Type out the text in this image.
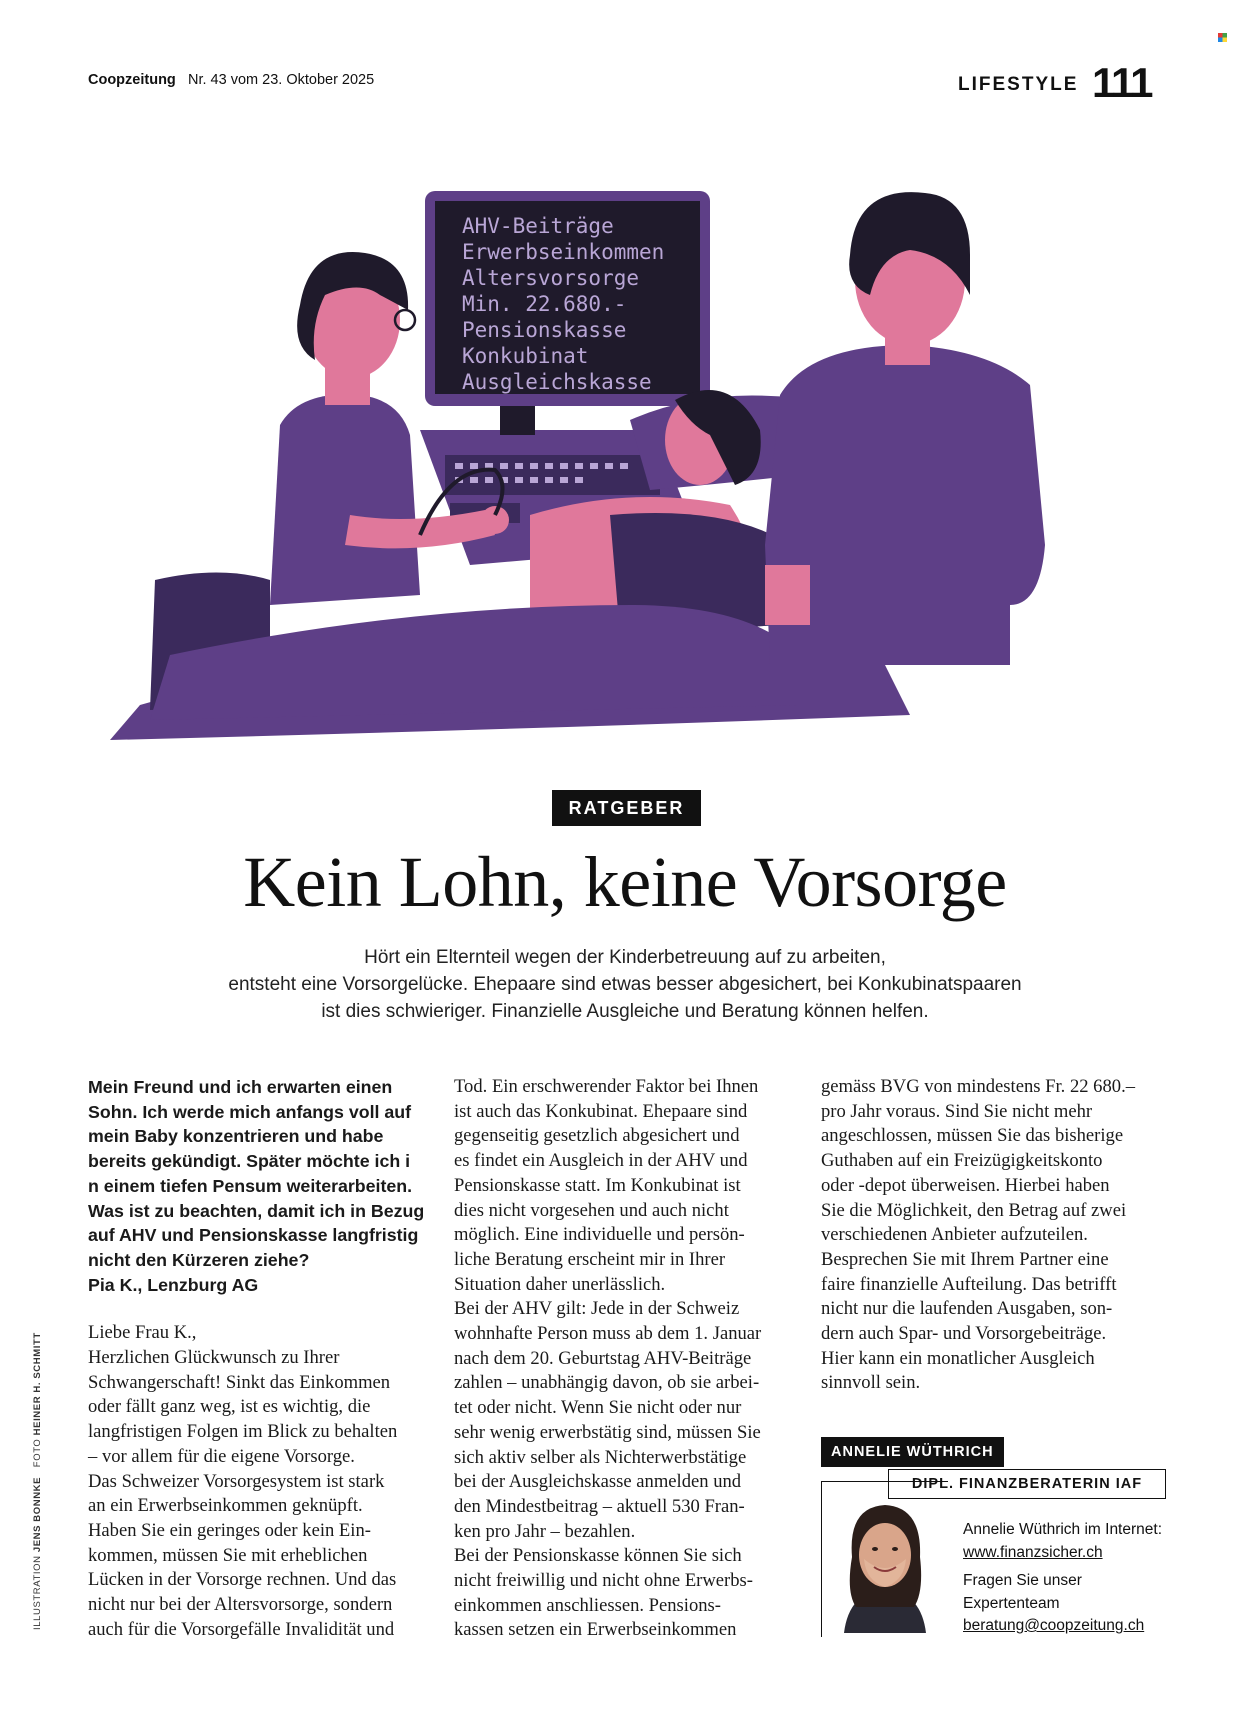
Coopzeitung Nr. 43 vom 23. Oktober 2025	LIFESTYLE 111
AHV-Beiträge
Erwerbseinkommen
Altersvorsorge
Min. 22.680.-
Pensionskasse
Konkubinat
Ausgleichskasse
RATGEBER
Kein Lohn, keine Vorsorge
Hört ein Elternteil wegen der Kinderbetreuung auf zu arbeiten,
entsteht eine Vorsorgelücke. Ehepaare sind etwas besser abgesichert, bei Konkubinatspaaren
ist dies schwieriger. Finanzielle Ausgleiche und Beratung können helfen.
Mein Freund und ich erwarten einen
Sohn. Ich werde mich anfangs voll auf
mein Baby konzentrieren und habe
bereits gekündigt. Später möchte ich i
n einem tiefen Pensum weiterarbeiten.
Was ist zu beachten, damit ich in Bezug
auf AHV und Pensionskasse langfristig
nicht den Kürzeren ziehe?
Pia K., Lenzburg AG
Liebe Frau K.,
Herzlichen Glückwunsch zu Ihrer
Schwangerschaft! Sinkt das Einkommen
oder fällt ganz weg, ist es wichtig, die
langfristigen Folgen im Blick zu behalten
– vor allem für die eigene Vorsorge.
Das Schweizer Vorsorgesystem ist stark
an ein Erwerbseinkommen geknüpft.
Haben Sie ein geringes oder kein Ein-
kommen, müssen Sie mit erheblichen
Lücken in der Vorsorge rechnen. Und das
nicht nur bei der Altersvorsorge, sondern
auch für die Vorsorgefälle Invalidität und
Tod. Ein erschwerender Faktor bei Ihnen
ist auch das Konkubinat. Ehepaare sind
gegenseitig gesetzlich abgesichert und
es findet ein Ausgleich in der AHV und
Pensionskasse statt. Im Konkubinat ist
dies nicht vorgesehen und auch nicht
möglich. Eine individuelle und persön-
liche Beratung erscheint mir in Ihrer
Situation daher unerlässlich.
Bei der AHV gilt: Jede in der Schweiz
wohnhafte Person muss ab dem 1. Januar
nach dem 20. Geburtstag AHV-Beiträge
zahlen – unabhängig davon, ob sie arbei-
tet oder nicht. Wenn Sie nicht oder nur
sehr wenig erwerbstätig sind, müssen Sie
sich aktiv selber als Nichterwerbstätige
bei der Ausgleichskasse anmelden und
den Mindestbeitrag – aktuell 530 Fran-
ken pro Jahr – bezahlen.
Bei der Pensionskasse können Sie sich
nicht freiwillig und nicht ohne Erwerbs-
einkommen anschliessen. Pensions-
kassen setzen ein Erwerbseinkommen
gemäss BVG von mindestens Fr. 22 680.–
pro Jahr voraus. Sind Sie nicht mehr
angeschlossen, müssen Sie das bisherige
Guthaben auf ein Freizügigkeitskonto
oder -depot überweisen. Hierbei haben
Sie die Möglichkeit, den Betrag auf zwei
verschiedenen Anbieter aufzuteilen.
Besprechen Sie mit Ihrem Partner eine
faire finanzielle Aufteilung. Das betrifft
nicht nur die laufenden Ausgaben, son-
dern auch Spar- und Vorsorgebeiträge.
Hier kann ein monatlicher Ausgleich
sinnvoll sein.
ILLUSTRATION JENS BONNKE   FOTO HEINER H. SCHMITT
ANNELIE WÜTHRICH
DIPL. FINANZBERATERIN IAF
Annelie Wüthrich im Internet:
www.finanzsicher.ch
Fragen Sie unser
Expertenteam
beratung@coopzeitung.ch
